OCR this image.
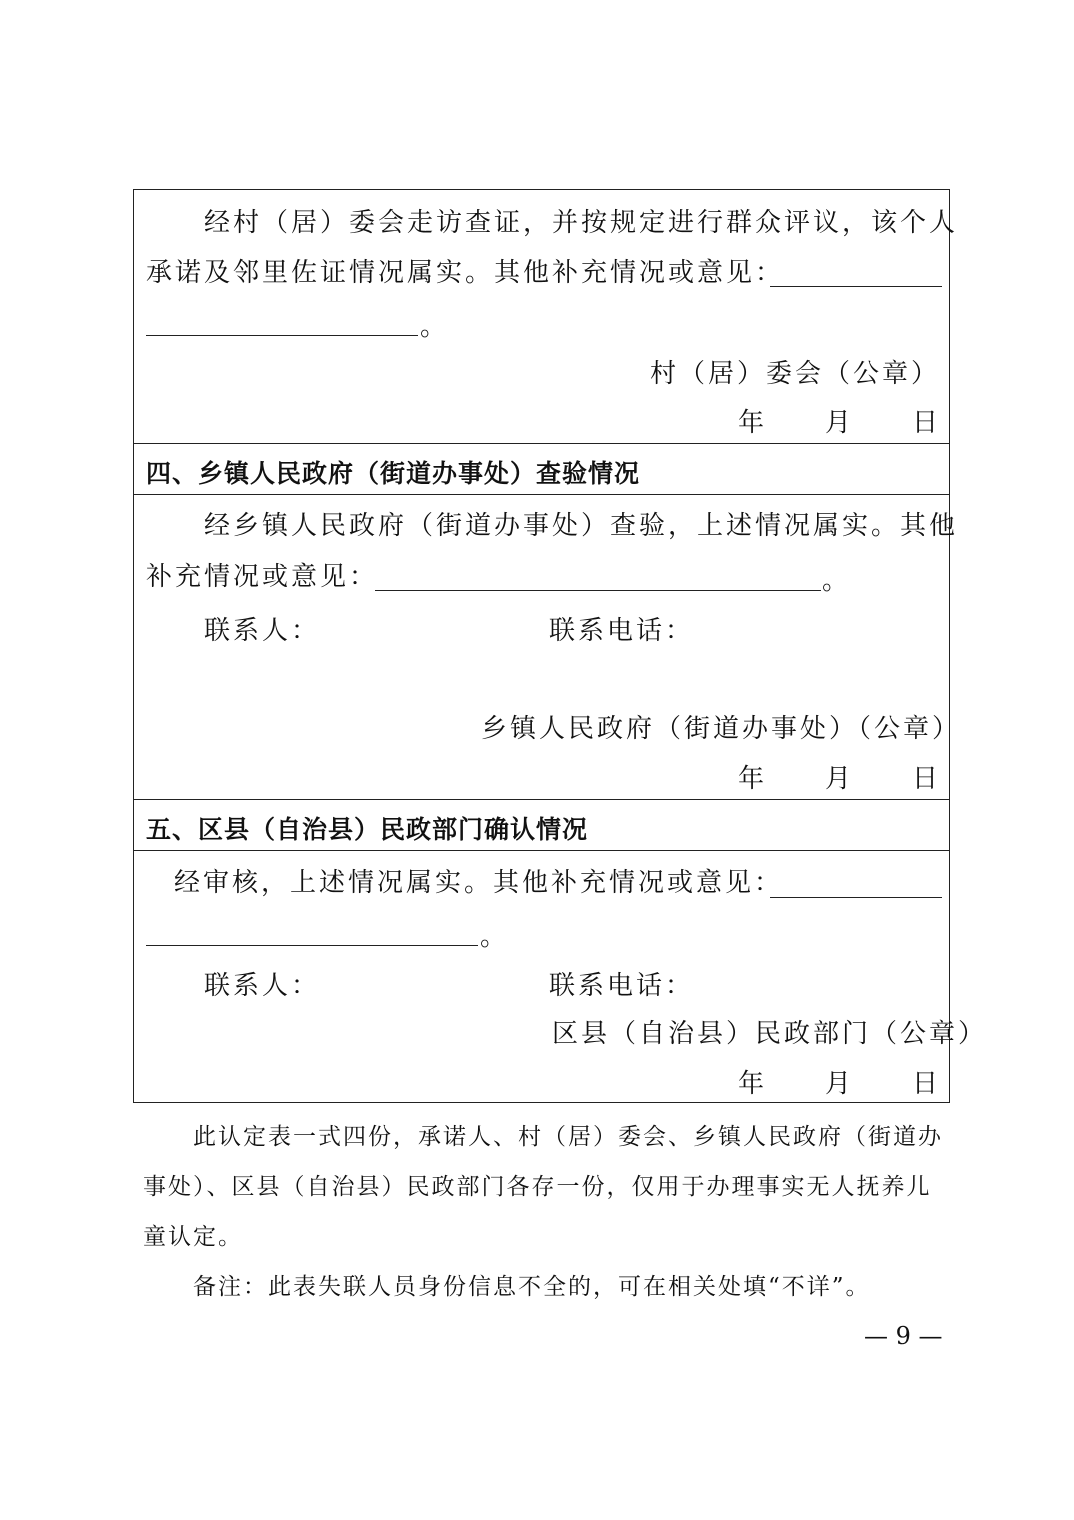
经村（居）委会走访查证，并按规定进行群众评议，该个人
承诺及邻里佐证情况属实。其他补充情况或意见：
。
村（居）委会（公章）
年　　月　　日
四、乡镇人民政府（街道办事处）查验情况
经乡镇人民政府（街道办事处）查验，上述情况属实。其他
补充情况或意见：	。
联系人：	联系电话：
乡镇人民政府（街道办事处）（公章）
年　　月　　日
五、区县（自治县）民政部门确认情况
经审核，上述情况属实。其他补充情况或意见：
。
联系人：	联系电话：
区县（自治县）民政部门（公章）
年　　月　　日
此认定表一式四份，承诺人、村（居）委会、乡镇人民政府（街道办
事处）、区县（自治县）民政部门各存一份，仅用于办理事实无人抚养儿
童认定。
备注：此表失联人员身份信息不全的，可在相关处填“不详”。
— 9 —
